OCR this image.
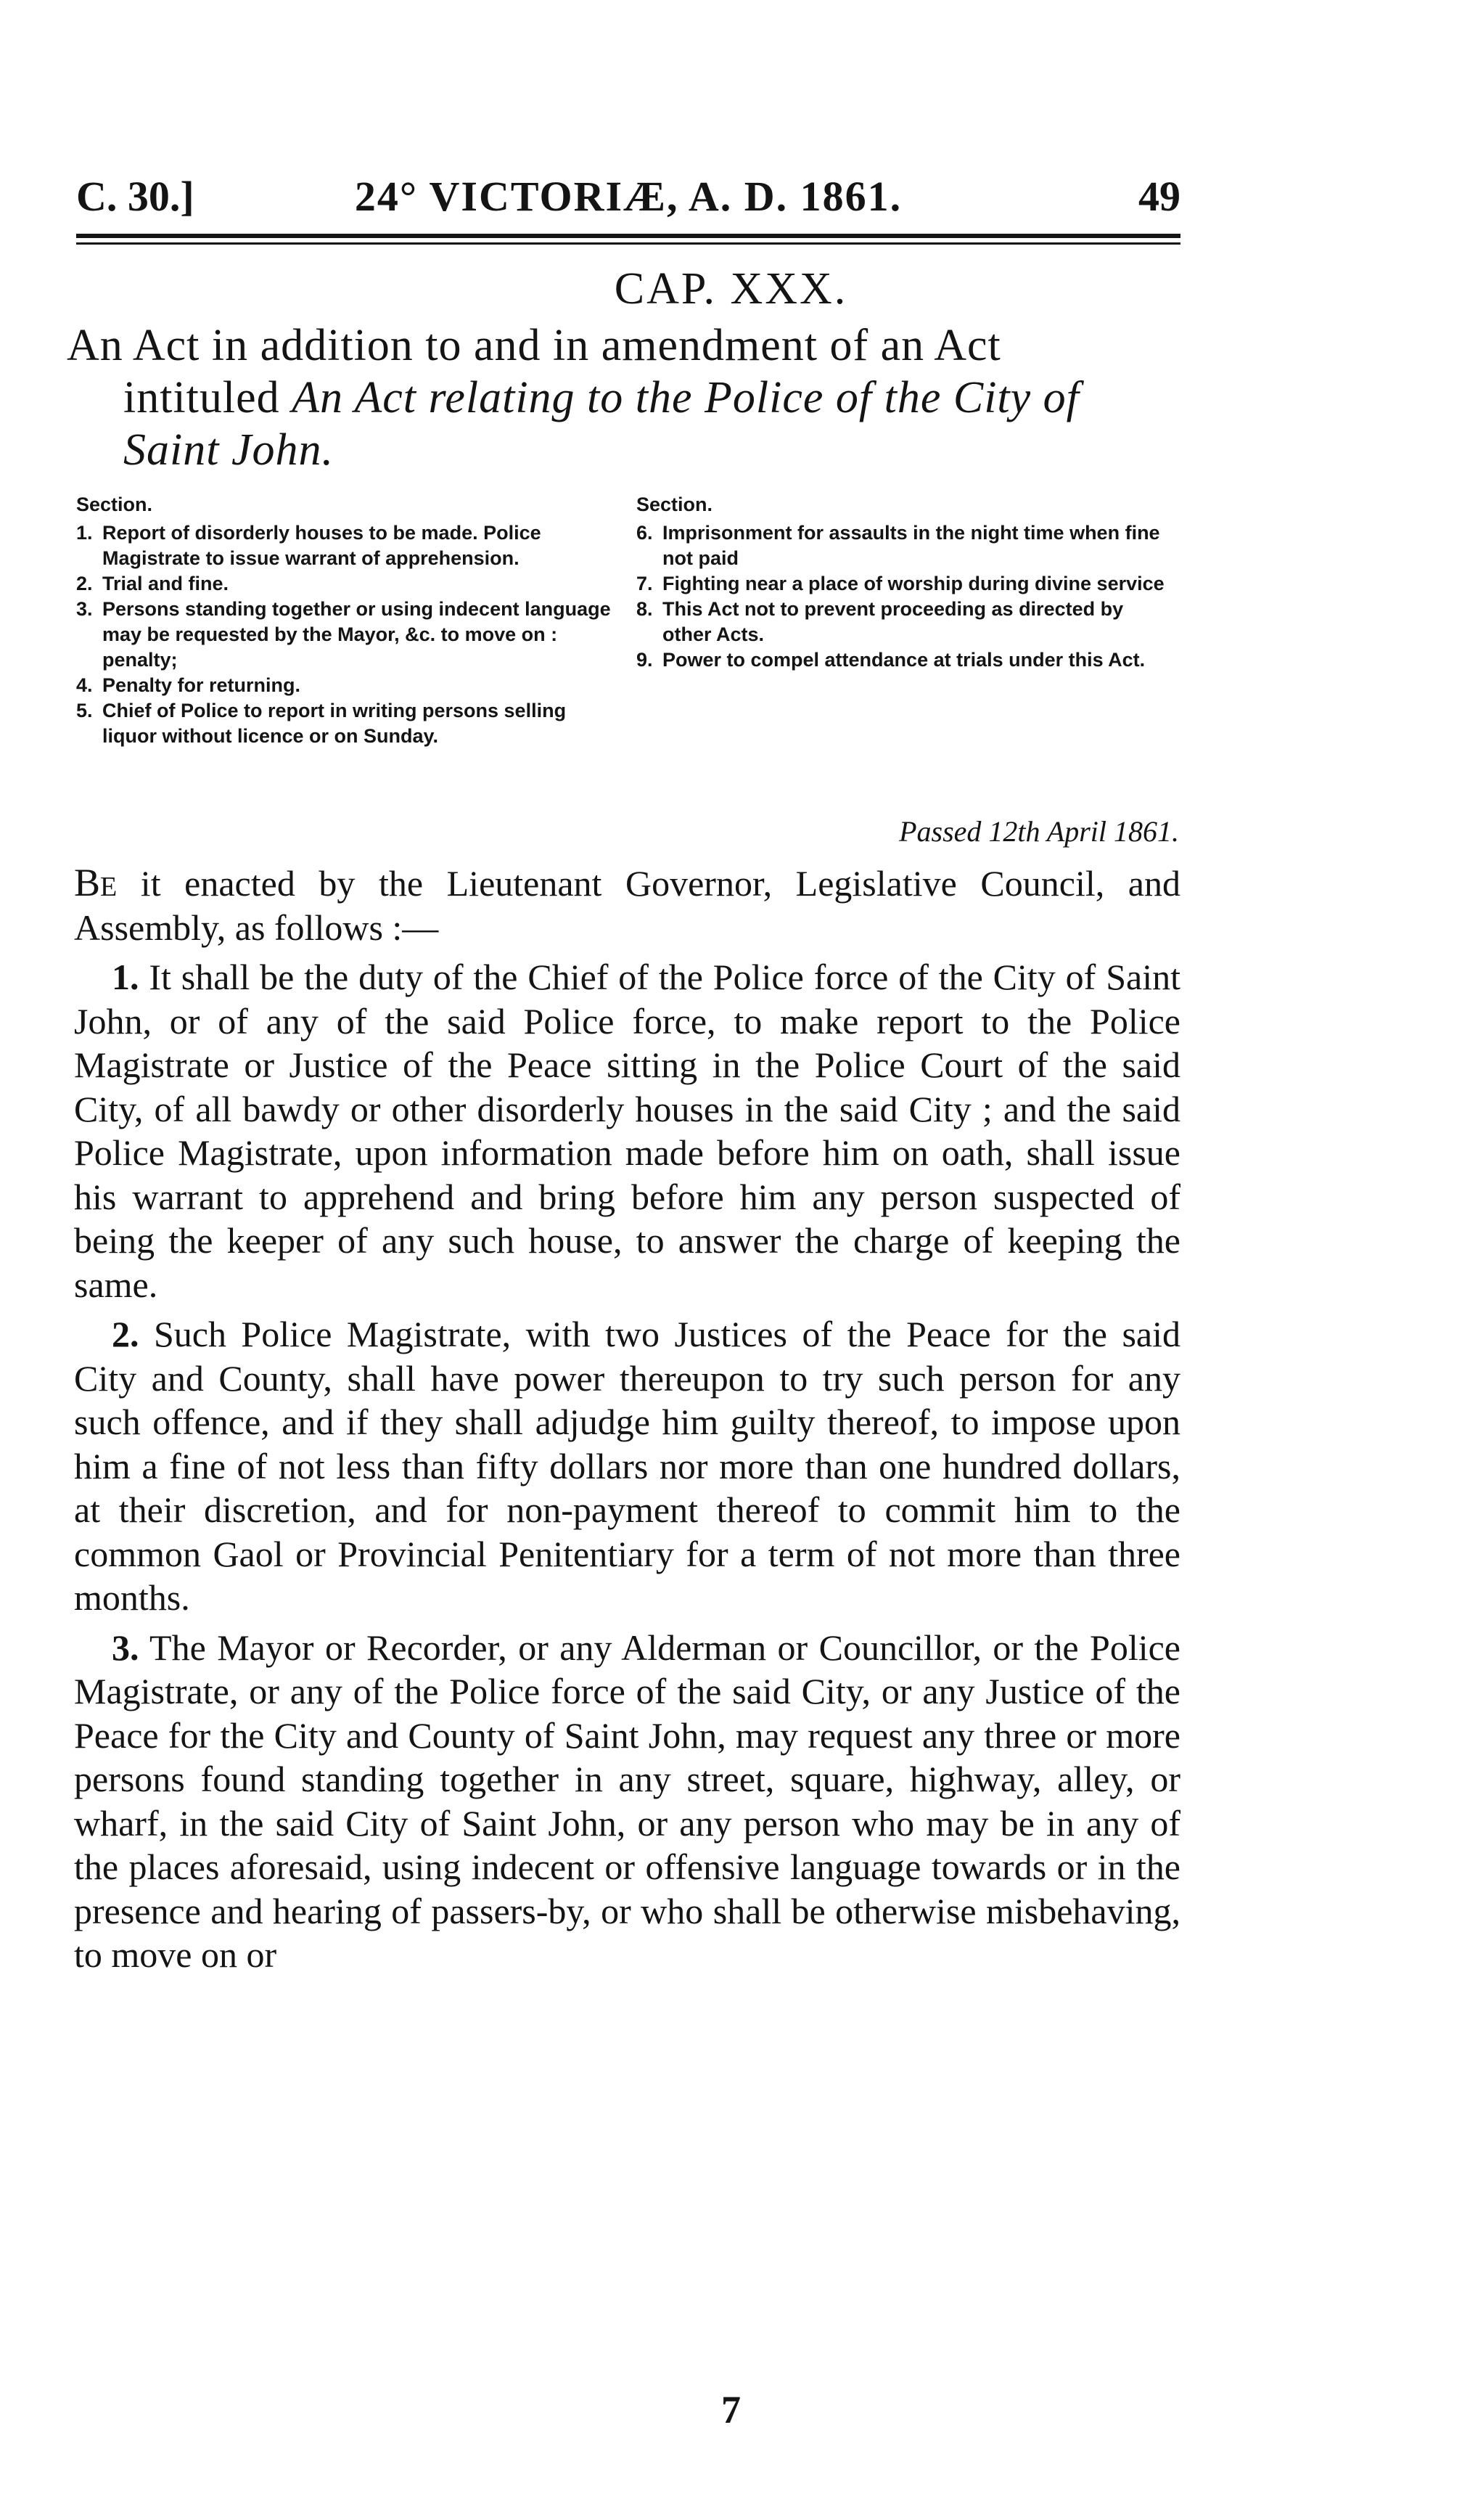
C. 30.]	24° VICTORIÆ, A. D. 1861.	49
CAP. XXX.
An Act in addition to and in amendment of an Act
intituled An Act relating to the Police of the City of
Saint John.
Section.
1. Report of disorderly houses to be made. Police Magistrate to issue warrant of apprehension.
2. Trial and fine.
3. Persons standing together or using indecent language may be requested by the Mayor, &c. to move on : penalty;
4. Penalty for returning.
5. Chief of Police to report in writing persons selling liquor without licence or on Sunday.
Section.
6. Imprisonment for assaults in the night time when fine not paid
7. Fighting near a place of worship during divine service
8. This Act not to prevent proceeding as directed by other Acts.
9. Power to compel attendance at trials under this Act.
Passed 12th April 1861.

Be it enacted by the Lieutenant Governor, Legislative Council, and Assembly, as follows :—

1. It shall be the duty of the Chief of the Police force of the City of Saint John, or of any of the said Police force, to make report to the Police Magistrate or Justice of the Peace sitting in the Police Court of the said City, of all bawdy or other disorderly houses in the said City ; and the said Police Magistrate, upon information made before him on oath, shall issue his warrant to apprehend and bring before him any person suspected of being the keeper of any such house, to answer the charge of keeping the same.

2. Such Police Magistrate, with two Justices of the Peace for the said City and County, shall have power thereupon to try such person for any such offence, and if they shall adjudge him guilty thereof, to impose upon him a fine of not less than fifty dollars nor more than one hundred dollars, at their discretion, and for non-payment thereof to commit him to the common Gaol or Provincial Penitentiary for a term of not more than three months.

3. The Mayor or Recorder, or any Alderman or Councillor, or the Police Magistrate, or any of the Police force of the said City, or any Justice of the Peace for the City and County of Saint John, may request any three or more persons found standing together in any street, square, highway, alley, or wharf, in the said City of Saint John, or any person who may be in any of the places aforesaid, using indecent or offensive language towards or in the presence and hearing of passers-by, or who shall be otherwise misbehaving, to move on or

7
